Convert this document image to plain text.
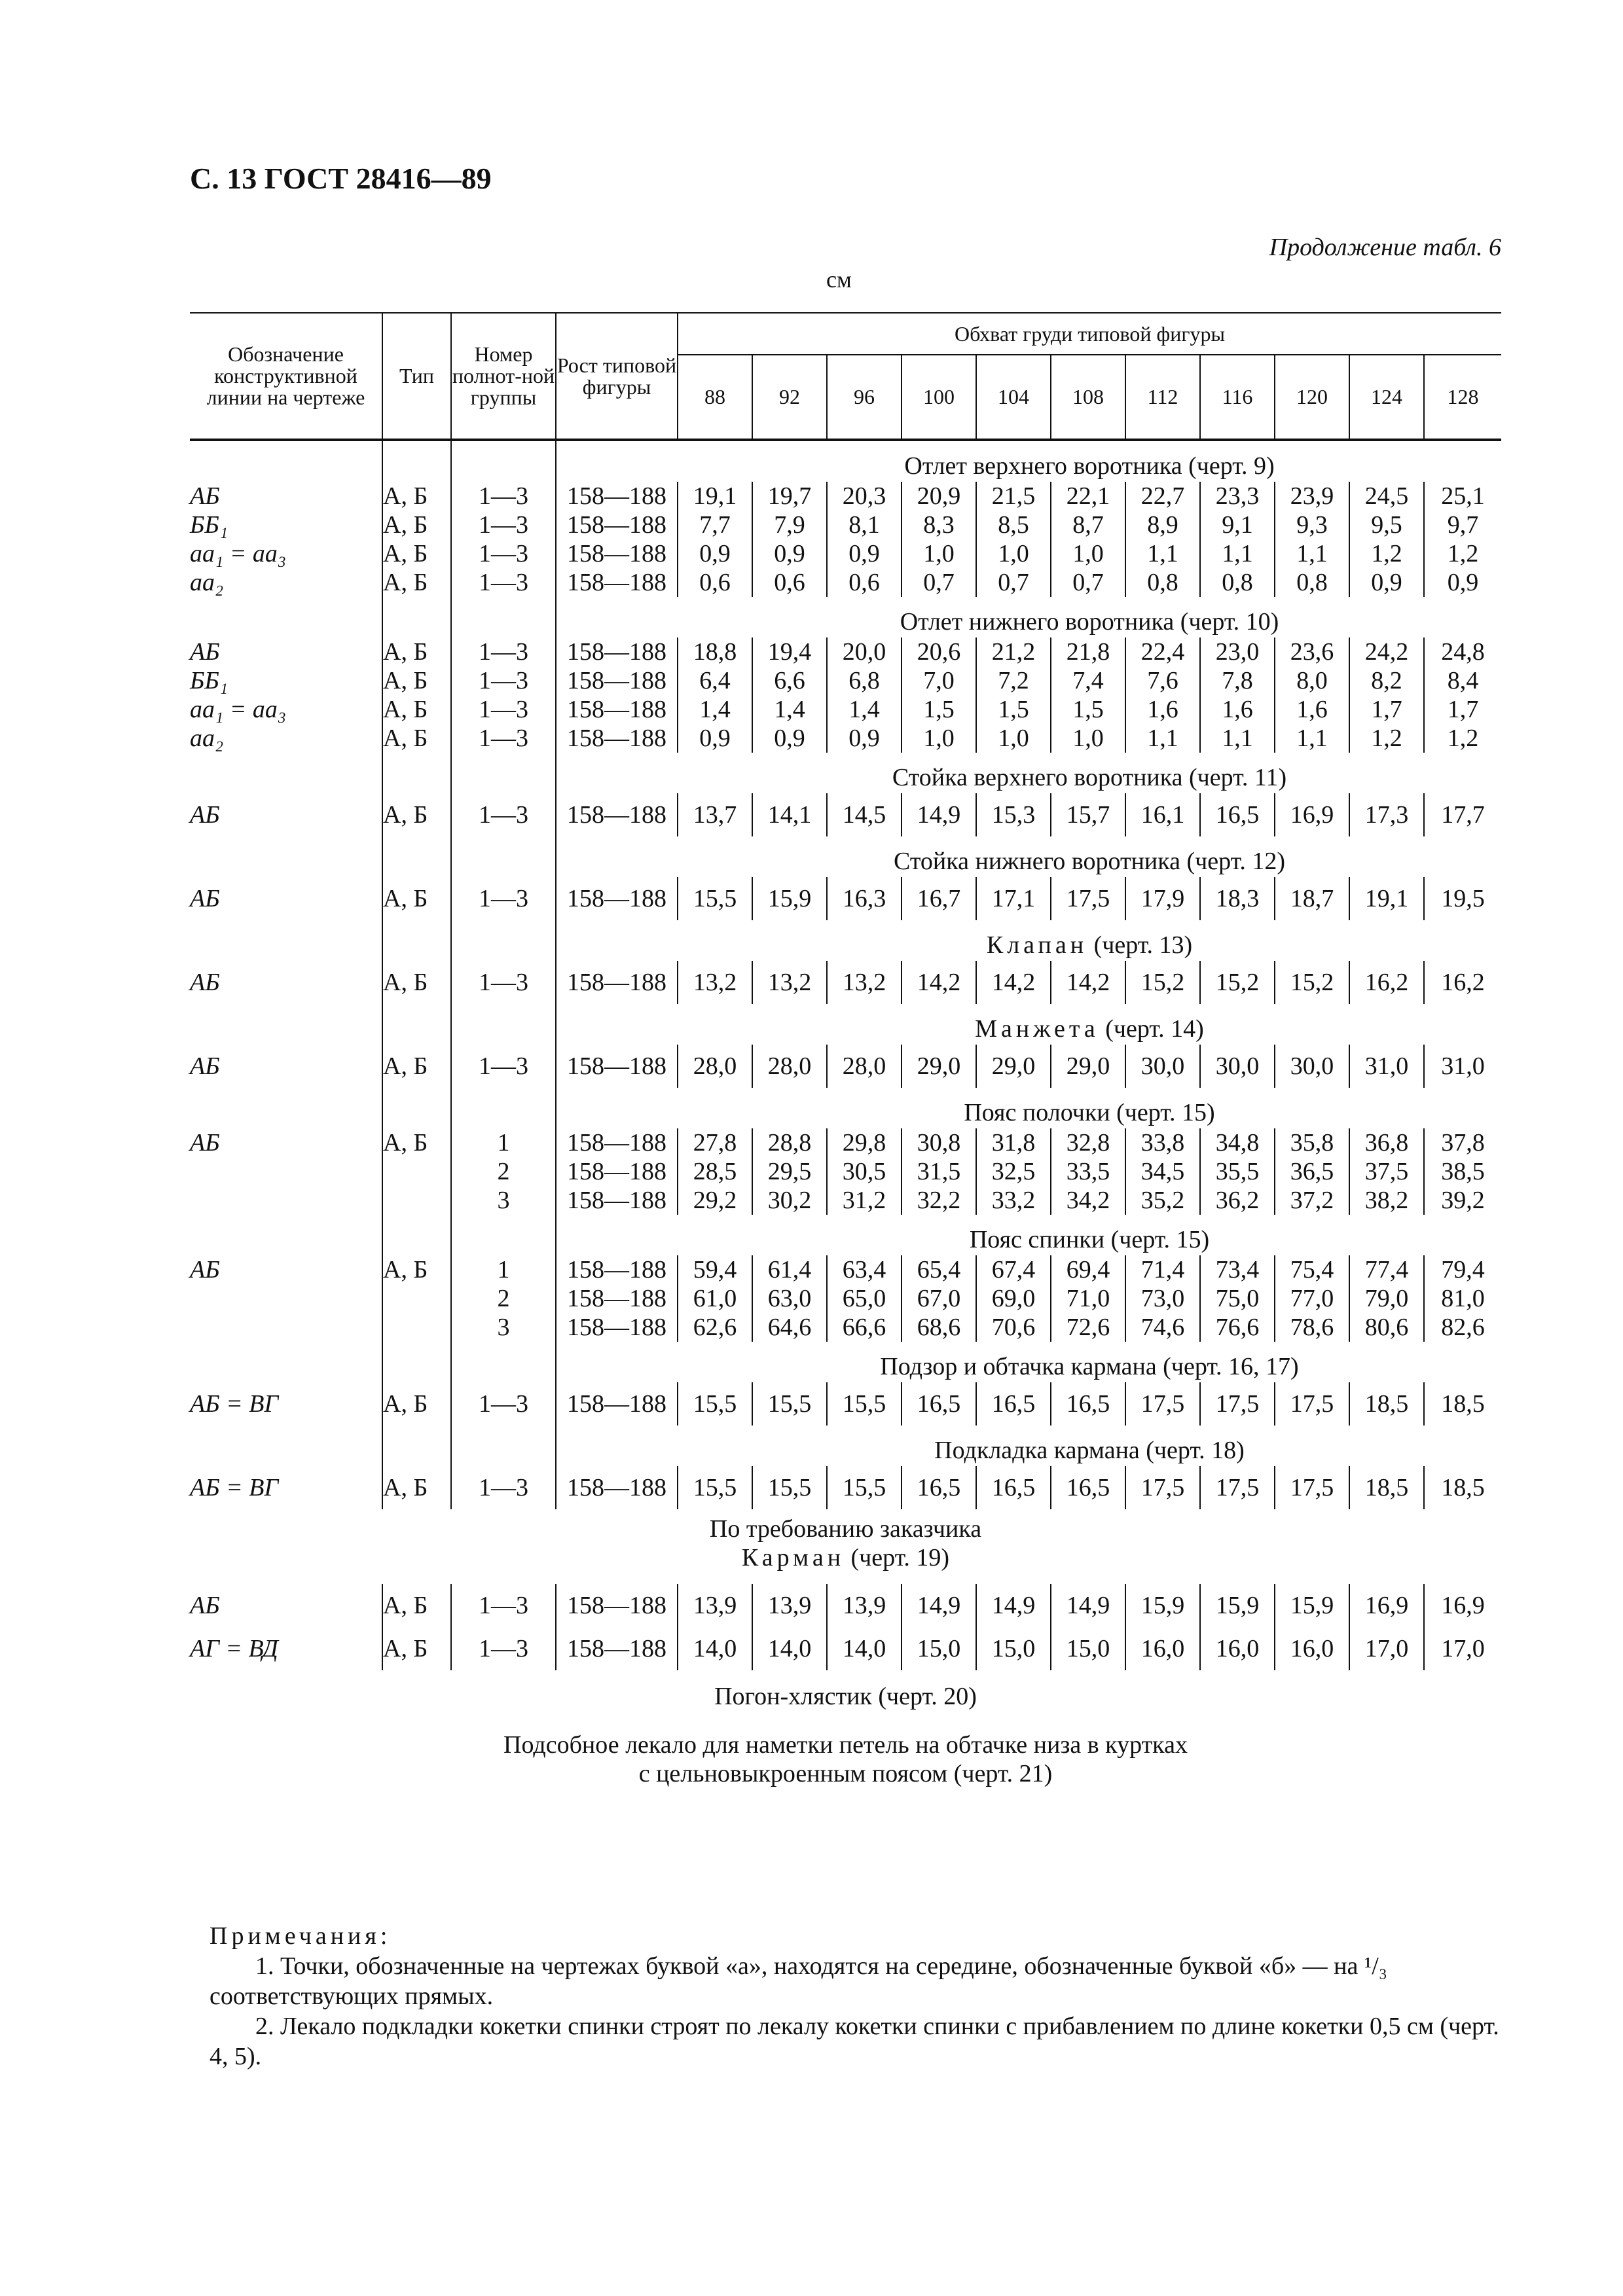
С. 13 ГОСТ 28416—89
Продолжение табл. 6
см
Обозначение конструктивной линии на чертеже	Тип	Номер полнот-ной группы	Рост типовой фигуры	Обхват груди типовой фигуры										
				88	92	96	100	104	108	112	116	120	124	128
				Отлет верхнего воротника (черт. 9)										
АБ	А, Б	1—3	158—188	19,1	19,7	20,3	20,9	21,5	22,1	22,7	23,3	23,9	24,5	25,1
ББ₁	А, Б	1—3	158—188	7,7	7,9	8,1	8,3	8,5	8,7	8,9	9,1	9,3	9,5	9,7
аа₁ = аа₃	А, Б	1—3	158—188	0,9	0,9	0,9	1,0	1,0	1,0	1,1	1,1	1,1	1,2	1,2
аа₂	А, Б	1—3	158—188	0,6	0,6	0,6	0,7	0,7	0,7	0,8	0,8	0,8	0,9	0,9
				Отлет нижнего воротника (черт. 10)										
АБ	А, Б	1—3	158—188	18,8	19,4	20,0	20,6	21,2	21,8	22,4	23,0	23,6	24,2	24,8
ББ₁	А, Б	1—3	158—188	6,4	6,6	6,8	7,0	7,2	7,4	7,6	7,8	8,0	8,2	8,4
аа₁ = аа₃	А, Б	1—3	158—188	1,4	1,4	1,4	1,5	1,5	1,5	1,6	1,6	1,6	1,7	1,7
аа₂	А, Б	1—3	158—188	0,9	0,9	0,9	1,0	1,0	1,0	1,1	1,1	1,1	1,2	1,2
				Стойка верхнего воротника (черт. 11)										
АБ	А, Б	1—3	158—188	13,7	14,1	14,5	14,9	15,3	15,7	16,1	16,5	16,9	17,3	17,7
				Стойка нижнего воротника (черт. 12)										
АБ	А, Б	1—3	158—188	15,5	15,9	16,3	16,7	17,1	17,5	17,9	18,3	18,7	19,1	19,5
				Клапан (черт. 13)										
АБ	А, Б	1—3	158—188	13,2	13,2	13,2	14,2	14,2	14,2	15,2	15,2	15,2	16,2	16,2
				Манжета (черт. 14)										
АБ	А, Б	1—3	158—188	28,0	28,0	28,0	29,0	29,0	29,0	30,0	30,0	30,0	31,0	31,0
				Пояс полочки (черт. 15)										
АБ	А, Б	1	158—188	27,8	28,8	29,8	30,8	31,8	32,8	33,8	34,8	35,8	36,8	37,8
		2	158—188	28,5	29,5	30,5	31,5	32,5	33,5	34,5	35,5	36,5	37,5	38,5
		3	158—188	29,2	30,2	31,2	32,2	33,2	34,2	35,2	36,2	37,2	38,2	39,2
				Пояс спинки (черт. 15)										
АБ	А, Б	1	158—188	59,4	61,4	63,4	65,4	67,4	69,4	71,4	73,4	75,4	77,4	79,4
		2	158—188	61,0	63,0	65,0	67,0	69,0	71,0	73,0	75,0	77,0	79,0	81,0
		3	158—188	62,6	64,6	66,6	68,6	70,6	72,6	74,6	76,6	78,6	80,6	82,6
				Подзор и обтачка кармана (черт. 16, 17)										
АБ = ВГ	А, Б	1—3	158—188	15,5	15,5	15,5	16,5	16,5	16,5	17,5	17,5	17,5	18,5	18,5
				Подкладка кармана (черт. 18)										
АБ = ВГ	А, Б	1—3	158—188	15,5	15,5	15,5	16,5	16,5	16,5	17,5	17,5	17,5	18,5	18,5
По требованию заказчика														
Карман (черт. 19)														

АБ	А, Б	1—3	158—188	13,9	13,9	13,9	14,9	14,9	14,9	15,9	15,9	15,9	16,9	16,9
АГ = ВД	А, Б	1—3	158—188	14,0	14,0	14,0	15,0	15,0	15,0	16,0	16,0	16,0	17,0	17,0
Погон-хлястик (черт. 20)														
Подсобное лекало для наметки петель на обтачке низа в куртках														
с цельновыкроенным поясом (черт. 21)														

Примечания:

1. Точки, обозначенные на чертежах буквой «а», находятся на середине, обозначенные буквой «б» — на ¹/₃ соответствующих прямых.

2. Лекало подкладки кокетки спинки строят по лекалу кокетки спинки с прибавлением по длине кокетки 0,5 см (черт. 4, 5).
